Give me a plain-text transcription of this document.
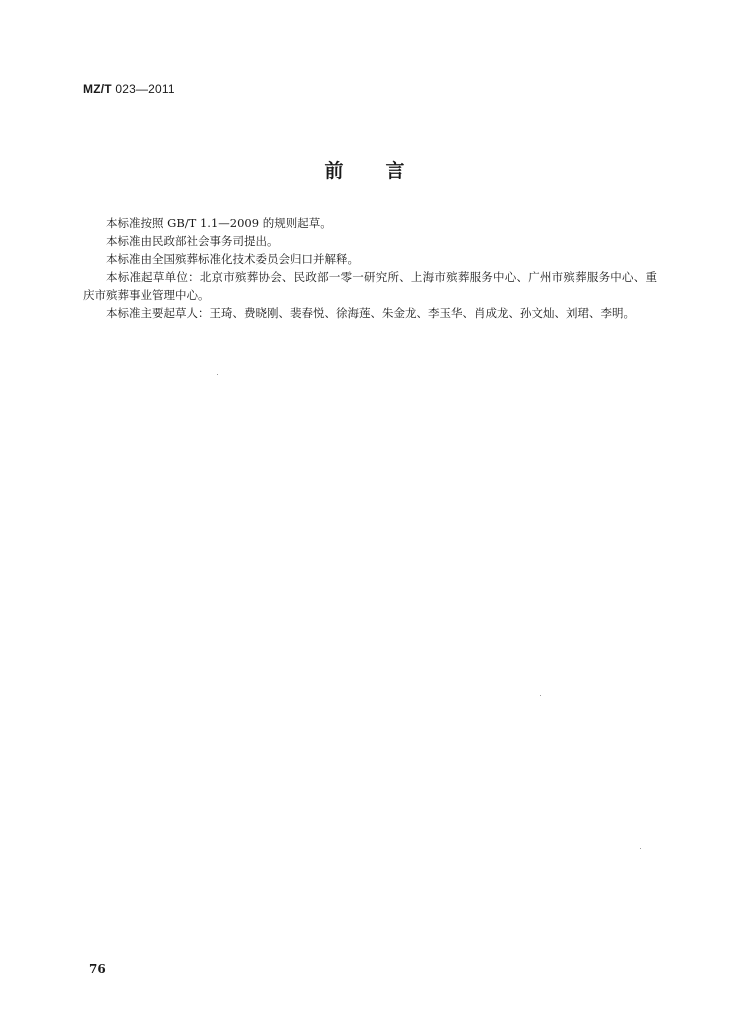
MZ/T 023—2011
前 言

本标准按照 GB/T 1.1—2009 的规则起草。

本标准由民政部社会事务司提出。

本标准由全国殡葬标准化技术委员会归口并解释。

本标准起草单位：北京市殡葬协会、民政部一零一研究所、上海市殡葬服务中心、广州市殡葬服务中心、重庆市殡葬事业管理中心。

本标准主要起草人：王琦、费晓刚、裴春悦、徐海莲、朱金龙、李玉华、肖成龙、孙文灿、刘珺、李明。

76
